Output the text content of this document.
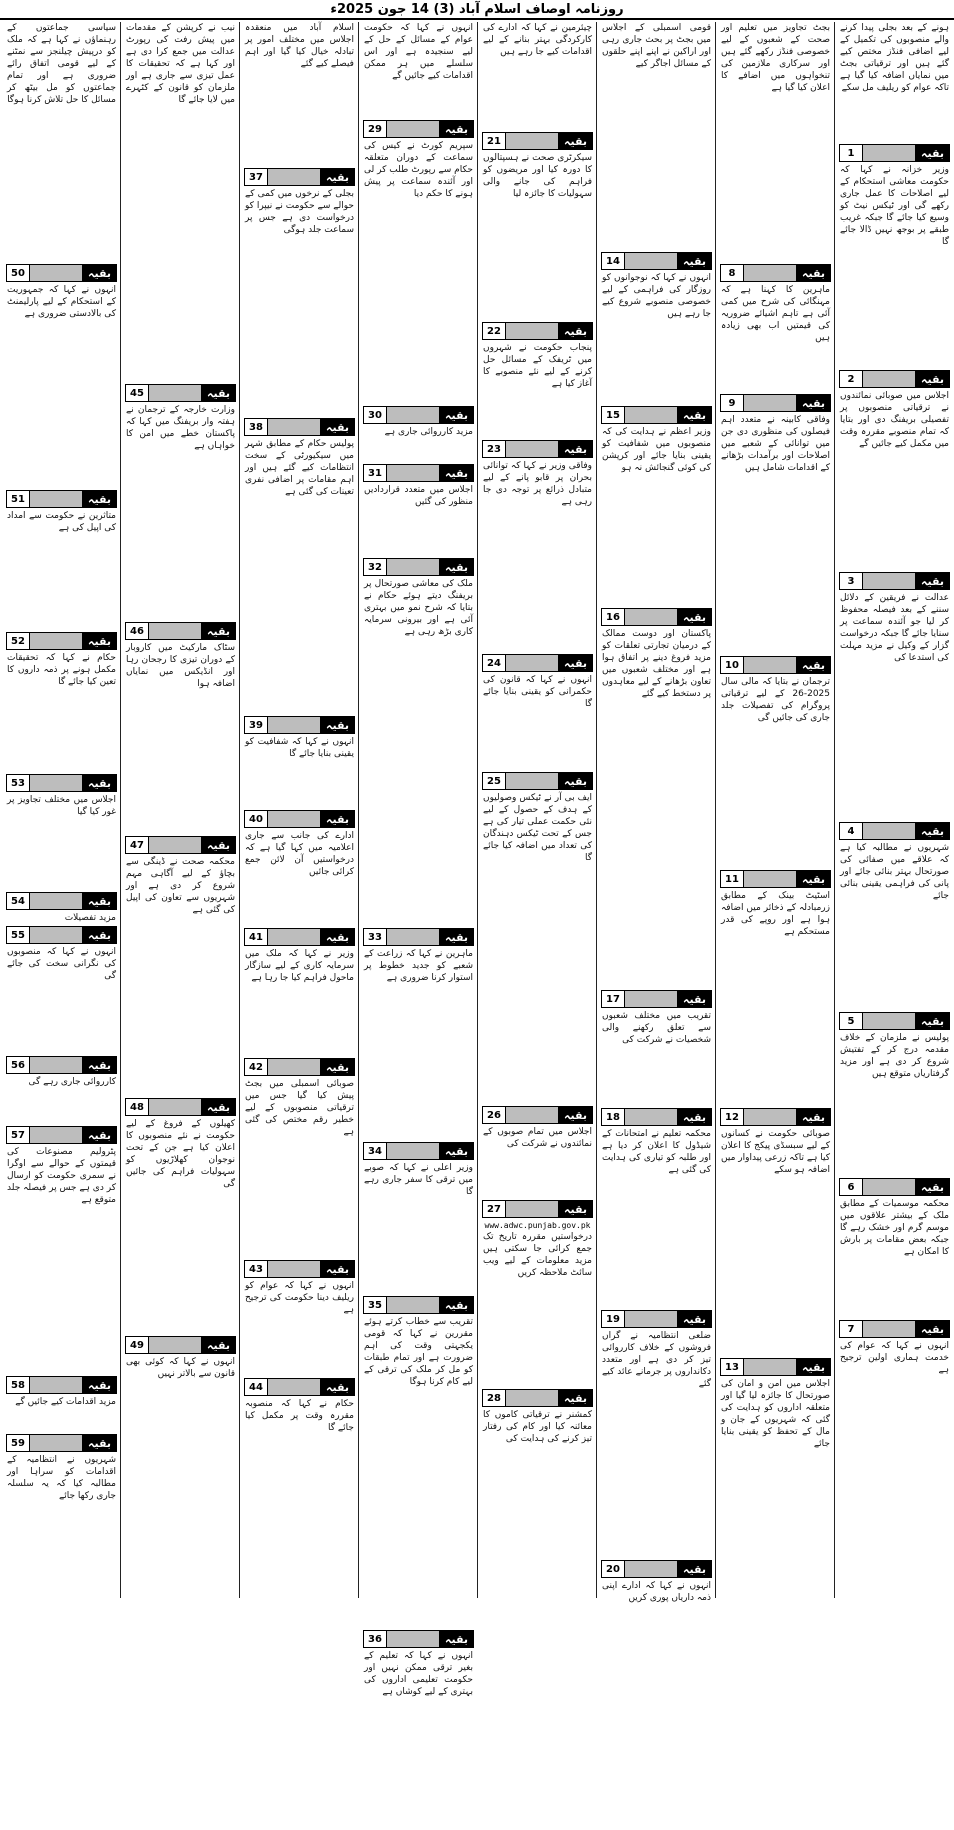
روزنامہ اوصاف اسلام آباد (3) 14 جون 2025ء
ہونے کے بعد بجلی پیدا کرنے والے منصوبوں کی تکمیل کے لیے اضافی فنڈز مختص کیے گئے ہیں اور ترقیاتی بجٹ میں نمایاں اضافہ کیا گیا ہے تاکہ عوام کو ریلیف مل سکے
بقیہ
1
وزیر خزانہ نے کہا کہ حکومت معاشی استحکام کے لیے اصلاحات کا عمل جاری رکھے گی اور ٹیکس نیٹ کو وسیع کیا جائے گا جبکہ غریب طبقے پر بوجھ نہیں ڈالا جائے گا
بقیہ
2
اجلاس میں صوبائی نمائندوں نے ترقیاتی منصوبوں پر تفصیلی بریفنگ دی اور بتایا کہ تمام منصوبے مقررہ وقت میں مکمل کیے جائیں گے
بقیہ
3
عدالت نے فریقین کے دلائل سننے کے بعد فیصلہ محفوظ کر لیا جو آئندہ سماعت پر سنایا جائے گا جبکہ درخواست گزار کے وکیل نے مزید مہلت کی استدعا کی
بقیہ
4
شہریوں نے مطالبہ کیا ہے کہ علاقے میں صفائی کی صورتحال بہتر بنائی جائے اور پانی کی فراہمی یقینی بنائی جائے
بقیہ
5
پولیس نے ملزمان کے خلاف مقدمہ درج کر کے تفتیش شروع کر دی ہے اور مزید گرفتاریاں متوقع ہیں
بقیہ
6
محکمہ موسمیات کے مطابق ملک کے بیشتر علاقوں میں موسم گرم اور خشک رہے گا جبکہ بعض مقامات پر بارش کا امکان ہے
بقیہ
7
انہوں نے کہا کہ عوام کی خدمت ہماری اولین ترجیح ہے
بجٹ تجاویز میں تعلیم اور صحت کے شعبوں کے لیے خصوصی فنڈز رکھے گئے ہیں اور سرکاری ملازمین کی تنخواہوں میں اضافے کا اعلان کیا گیا ہے
بقیہ
8
ماہرین کا کہنا ہے کہ مہنگائی کی شرح میں کمی آئی ہے تاہم اشیائے ضروریہ کی قیمتیں اب بھی زیادہ ہیں
بقیہ
9
وفاقی کابینہ نے متعدد اہم فیصلوں کی منظوری دی جن میں توانائی کے شعبے میں اصلاحات اور برآمدات بڑھانے کے اقدامات شامل ہیں
بقیہ
10
ترجمان نے بتایا کہ مالی سال 2025-26 کے لیے ترقیاتی پروگرام کی تفصیلات جلد جاری کی جائیں گی
بقیہ
11
اسٹیٹ بینک کے مطابق زرمبادلہ کے ذخائر میں اضافہ ہوا ہے اور روپے کی قدر مستحکم ہے
بقیہ
12
صوبائی حکومت نے کسانوں کے لیے سبسڈی پیکج کا اعلان کیا ہے تاکہ زرعی پیداوار میں اضافہ ہو سکے
بقیہ
13
اجلاس میں امن و امان کی صورتحال کا جائزہ لیا گیا اور متعلقہ اداروں کو ہدایت کی گئی کہ شہریوں کے جان و مال کے تحفظ کو یقینی بنایا جائے
قومی اسمبلی کے اجلاس میں بجٹ پر بحث جاری رہی اور اراکین نے اپنے اپنے حلقوں کے مسائل اجاگر کیے
بقیہ
14
انہوں نے کہا کہ نوجوانوں کو روزگار کی فراہمی کے لیے خصوصی منصوبے شروع کیے جا رہے ہیں
بقیہ
15
وزیر اعظم نے ہدایت کی کہ منصوبوں میں شفافیت کو یقینی بنایا جائے اور کرپشن کی کوئی گنجائش نہ ہو
بقیہ
16
پاکستان اور دوست ممالک کے درمیان تجارتی تعلقات کو مزید فروغ دینے پر اتفاق ہوا ہے اور مختلف شعبوں میں تعاون بڑھانے کے لیے معاہدوں پر دستخط کیے گئے
بقیہ
17
تقریب میں مختلف شعبوں سے تعلق رکھنے والی شخصیات نے شرکت کی
بقیہ
18
محکمہ تعلیم نے امتحانات کے شیڈول کا اعلان کر دیا ہے اور طلبہ کو تیاری کی ہدایت کی گئی ہے
بقیہ
19
ضلعی انتظامیہ نے گراں فروشوں کے خلاف کارروائی تیز کر دی ہے اور متعدد دکانداروں پر جرمانے عائد کیے گئے
بقیہ
20
انہوں نے کہا کہ ادارے اپنی ذمہ داریاں پوری کریں
چیئرمین نے کہا کہ ادارے کی کارکردگی بہتر بنانے کے لیے اقدامات کیے جا رہے ہیں
بقیہ
21
سیکرٹری صحت نے ہسپتالوں کا دورہ کیا اور مریضوں کو فراہم کی جانے والی سہولیات کا جائزہ لیا
بقیہ
22
پنجاب حکومت نے شہروں میں ٹریفک کے مسائل حل کرنے کے لیے نئے منصوبے کا آغاز کیا ہے
بقیہ
23
وفاقی وزیر نے کہا کہ توانائی بحران پر قابو پانے کے لیے متبادل ذرائع پر توجہ دی جا رہی ہے
بقیہ
24
انہوں نے کہا کہ قانون کی حکمرانی کو یقینی بنایا جائے گا
بقیہ
25
ایف بی آر نے ٹیکس وصولیوں کے ہدف کے حصول کے لیے نئی حکمت عملی تیار کی ہے جس کے تحت ٹیکس دہندگان کی تعداد میں اضافہ کیا جائے گا
بقیہ
26
اجلاس میں تمام صوبوں کے نمائندوں نے شرکت کی
بقیہ
27
www.adwc.punjab.gov.pk
درخواستیں مقررہ تاریخ تک جمع کرائی جا سکتی ہیں مزید معلومات کے لیے ویب سائٹ ملاحظہ کریں
بقیہ
28
کمشنر نے ترقیاتی کاموں کا معائنہ کیا اور کام کی رفتار تیز کرنے کی ہدایت کی
انہوں نے کہا کہ حکومت عوام کے مسائل کے حل کے لیے سنجیدہ ہے اور اس سلسلے میں ہر ممکن اقدامات کیے جائیں گے
بقیہ
29
سپریم کورٹ نے کیس کی سماعت کے دوران متعلقہ حکام سے رپورٹ طلب کر لی اور آئندہ سماعت پر پیش ہونے کا حکم دیا
بقیہ
30
مزید کارروائی جاری ہے
بقیہ
31
اجلاس میں متعدد قراردادیں منظور کی گئیں
بقیہ
32
ملک کی معاشی صورتحال پر بریفنگ دیتے ہوئے حکام نے بتایا کہ شرح نمو میں بہتری آئی ہے اور بیرونی سرمایہ کاری بڑھ رہی ہے
بقیہ
33
ماہرین نے کہا کہ زراعت کے شعبے کو جدید خطوط پر استوار کرنا ضروری ہے
بقیہ
34
وزیر اعلی نے کہا کہ صوبے میں ترقی کا سفر جاری رہے گا
بقیہ
35
تقریب سے خطاب کرتے ہوئے مقررین نے کہا کہ قومی یکجہتی وقت کی اہم ضرورت ہے اور تمام طبقات کو مل کر ملک کی ترقی کے لیے کام کرنا ہوگا
بقیہ
36
انہوں نے کہا کہ تعلیم کے بغیر ترقی ممکن نہیں اور حکومت تعلیمی اداروں کی بہتری کے لیے کوشاں ہے
اسلام آباد میں منعقدہ اجلاس میں مختلف امور پر تبادلہ خیال کیا گیا اور اہم فیصلے کیے گئے
بقیہ
37
بجلی کے نرخوں میں کمی کے حوالے سے حکومت نے نیپرا کو درخواست دی ہے جس پر سماعت جلد ہوگی
بقیہ
38
پولیس حکام کے مطابق شہر میں سیکیورٹی کے سخت انتظامات کیے گئے ہیں اور اہم مقامات پر اضافی نفری تعینات کی گئی ہے
بقیہ
39
انہوں نے کہا کہ شفافیت کو یقینی بنایا جائے گا
بقیہ
40
ادارے کی جانب سے جاری اعلامیہ میں کہا گیا ہے کہ درخواستیں آن لائن جمع کرائی جائیں
بقیہ
41
وزیر نے کہا کہ ملک میں سرمایہ کاری کے لیے سازگار ماحول فراہم کیا جا رہا ہے
بقیہ
42
صوبائی اسمبلی میں بجٹ پیش کیا گیا جس میں ترقیاتی منصوبوں کے لیے خطیر رقم مختص کی گئی ہے
بقیہ
43
انہوں نے کہا کہ عوام کو ریلیف دینا حکومت کی ترجیح ہے
بقیہ
44
حکام نے کہا کہ منصوبہ مقررہ وقت پر مکمل کیا جائے گا
نیب نے کرپشن کے مقدمات میں پیش رفت کی رپورٹ عدالت میں جمع کرا دی ہے اور کہا ہے کہ تحقیقات کا عمل تیزی سے جاری ہے اور ملزمان کو قانون کے کٹہرے میں لایا جائے گا
بقیہ
45
وزارت خارجہ کے ترجمان نے ہفتہ وار بریفنگ میں کہا کہ پاکستان خطے میں امن کا خواہاں ہے
بقیہ
46
سٹاک مارکیٹ میں کاروبار کے دوران تیزی کا رجحان رہا اور انڈیکس میں نمایاں اضافہ ہوا
بقیہ
47
محکمہ صحت نے ڈینگی سے بچاؤ کے لیے آگاہی مہم شروع کر دی ہے اور شہریوں سے تعاون کی اپیل کی گئی ہے
بقیہ
48
کھیلوں کے فروغ کے لیے حکومت نے نئے منصوبوں کا اعلان کیا ہے جن کے تحت نوجوان کھلاڑیوں کو سہولیات فراہم کی جائیں گی
بقیہ
49
انہوں نے کہا کہ کوئی بھی قانون سے بالاتر نہیں
سیاسی جماعتوں کے رہنماؤں نے کہا ہے کہ ملک کو درپیش چیلنجز سے نمٹنے کے لیے قومی اتفاق رائے ضروری ہے اور تمام جماعتوں کو مل بیٹھ کر مسائل کا حل تلاش کرنا ہوگا
بقیہ
50
انہوں نے کہا کہ جمہوریت کے استحکام کے لیے پارلیمنٹ کی بالادستی ضروری ہے
بقیہ
51
متاثرین نے حکومت سے امداد کی اپیل کی ہے
بقیہ
52
حکام نے کہا کہ تحقیقات مکمل ہونے پر ذمہ داروں کا تعین کیا جائے گا
بقیہ
53
اجلاس میں مختلف تجاویز پر غور کیا گیا
بقیہ
54
مزید تفصیلات
بقیہ
55
انہوں نے کہا کہ منصوبوں کی نگرانی سخت کی جائے گی
بقیہ
56
کارروائی جاری رہے گی
بقیہ
57
پٹرولیم مصنوعات کی قیمتوں کے حوالے سے اوگرا نے سمری حکومت کو ارسال کر دی ہے جس پر فیصلہ جلد متوقع ہے
بقیہ
58
مزید اقدامات کیے جائیں گے
بقیہ
59
شہریوں نے انتظامیہ کے اقدامات کو سراہا اور مطالبہ کیا کہ یہ سلسلہ جاری رکھا جائے
